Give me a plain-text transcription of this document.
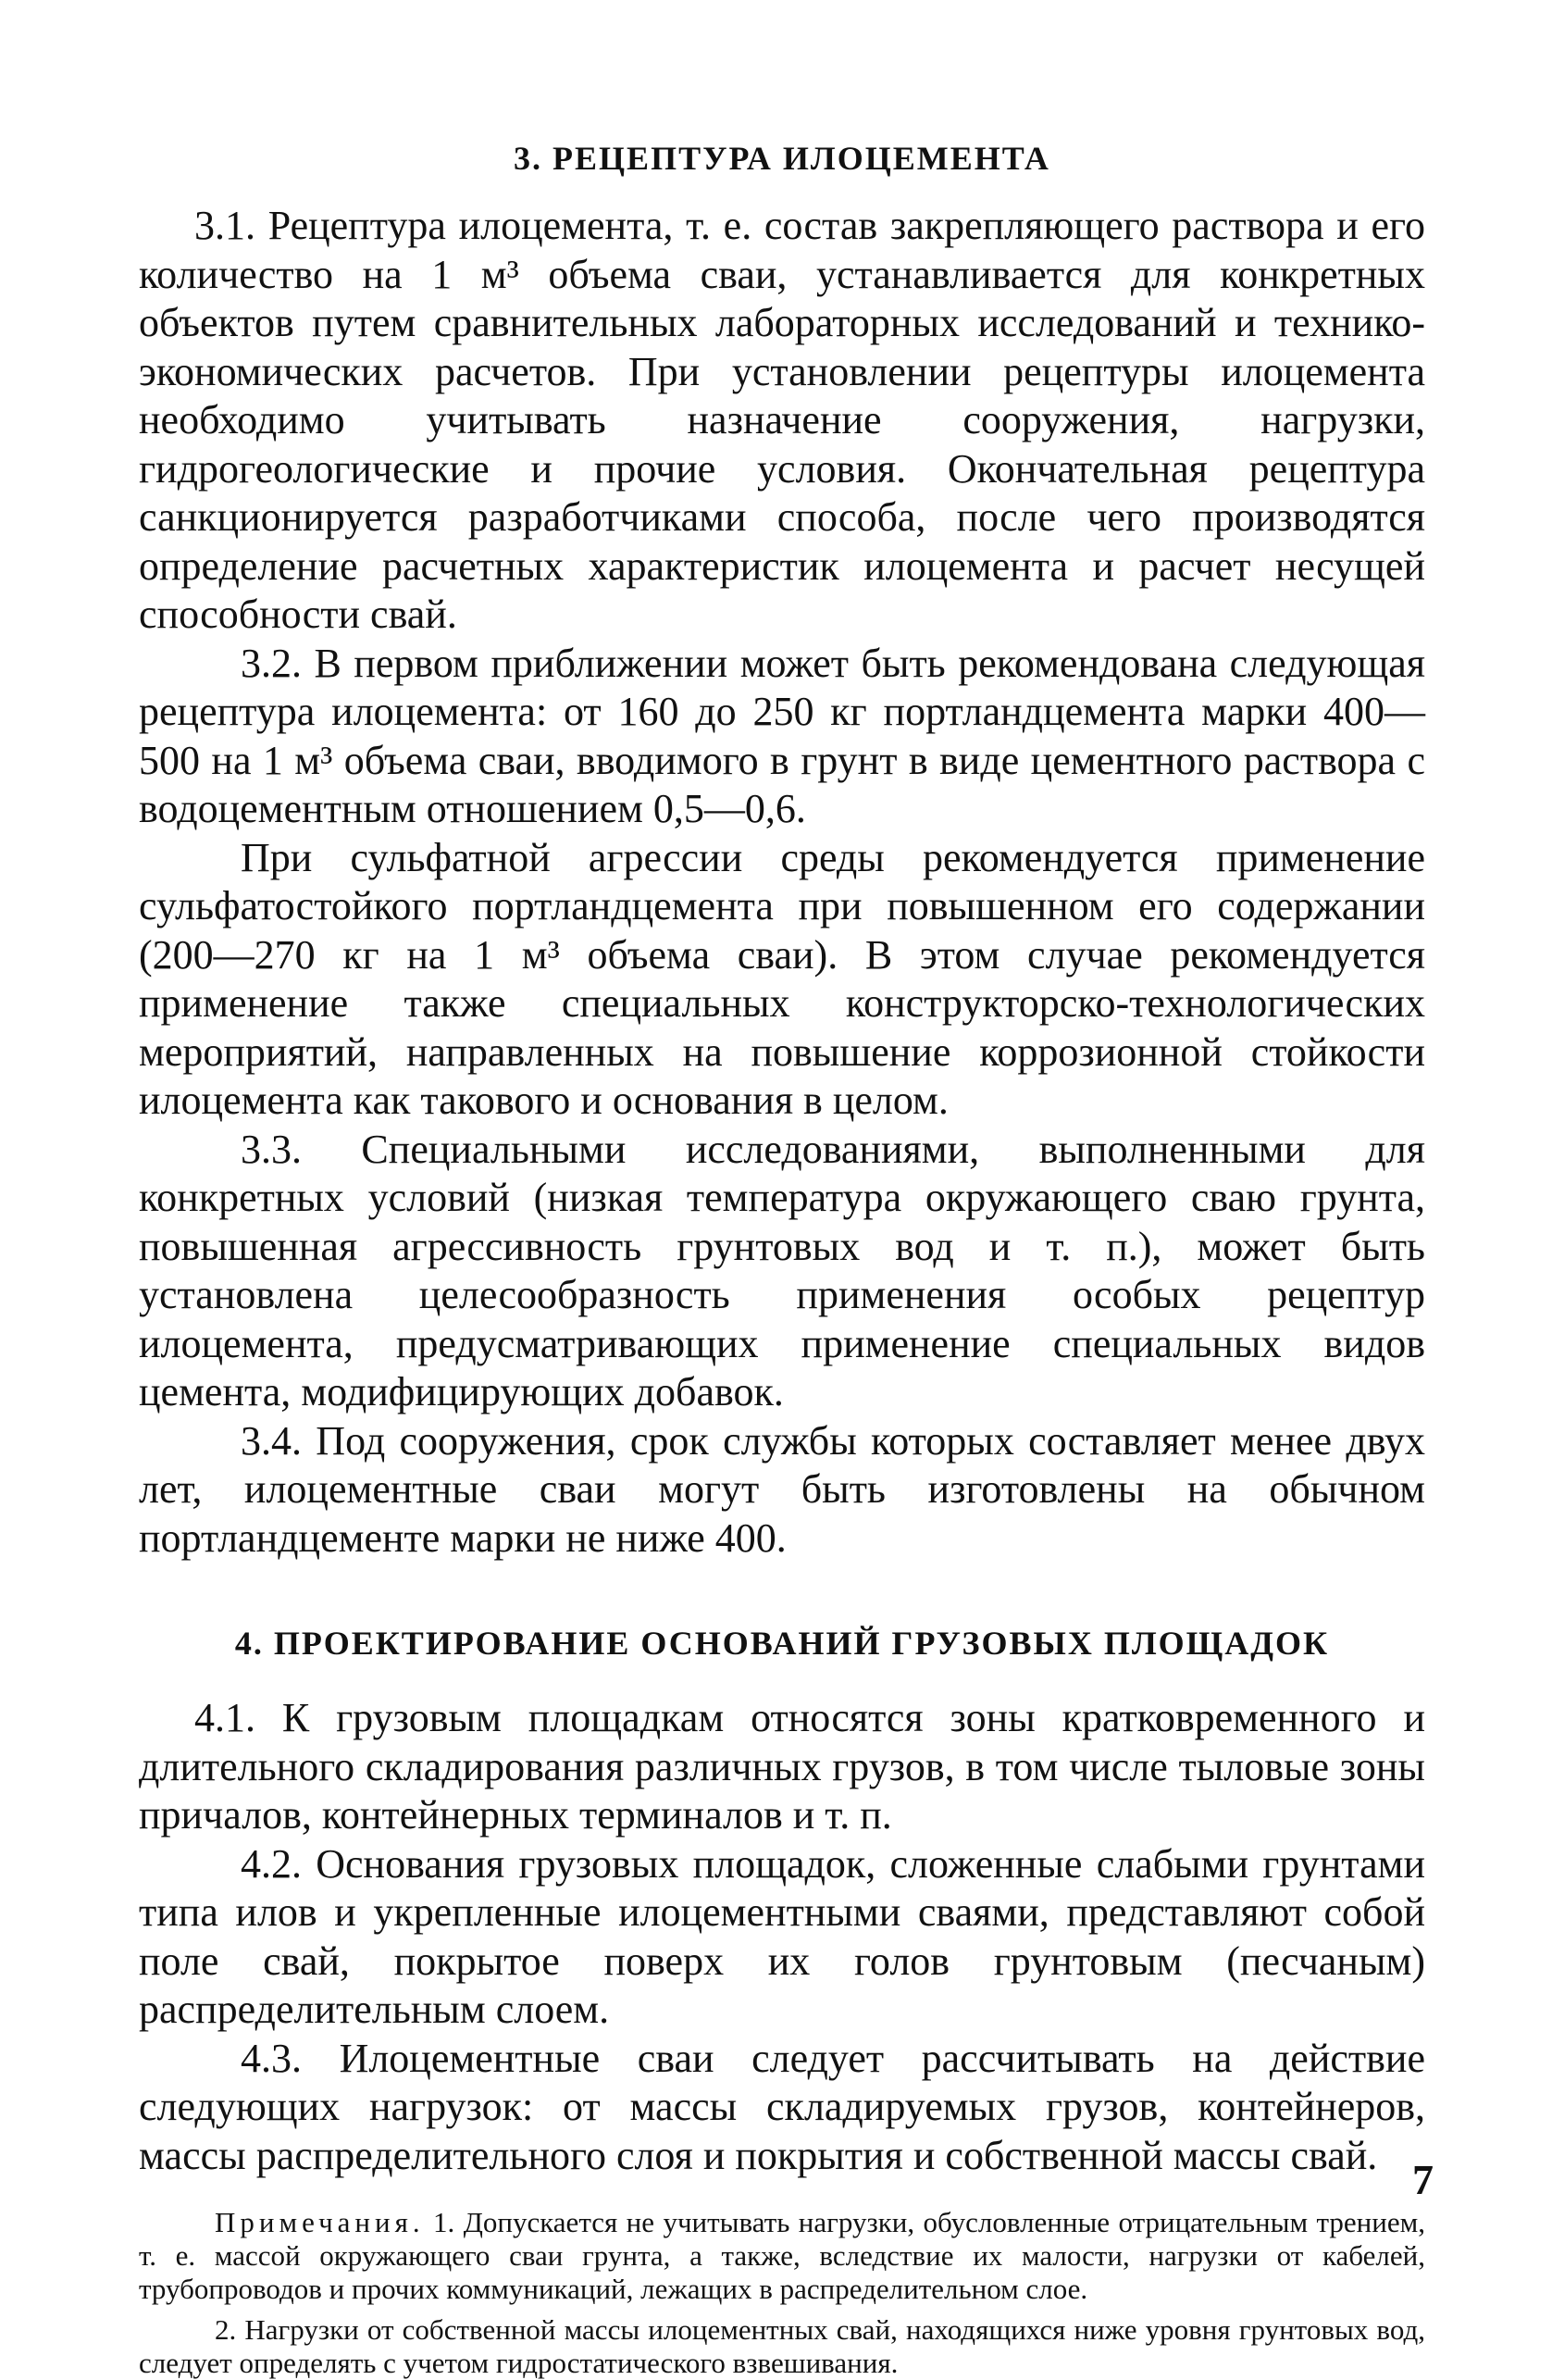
3. РЕЦЕПТУРА ИЛОЦЕМЕНТА

3.1. Рецептура илоцемента, т. е. состав закрепляющего раствора и его количество на 1 м³ объема сваи, устанавливается для конкретных объектов путем сравнительных лабораторных исследований и технико-экономических расчетов. При установлении рецептуры илоцемента необходимо учитывать назначение сооружения, нагрузки, гидрогеологические и прочие условия. Окончательная рецептура санкционируется разработчиками способа, после чего производятся определение расчетных характеристик илоцемента и расчет несущей способности свай.

3.2. В первом приближении может быть рекомендована следующая рецептура илоцемента: от 160 до 250 кг портландцемента марки 400—500 на 1 м³ объема сваи, вводимого в грунт в виде цементного раствора с водоцементным отношением 0,5—0,6.

При сульфатной агрессии среды рекомендуется применение сульфатостойкого портландцемента при повышенном его содержании (200—270 кг на 1 м³ объема сваи). В этом случае рекомендуется применение также специальных конструкторско-технологических мероприятий, направленных на повышение коррозионной стойкости илоцемента как такового и основания в целом.

3.3. Специальными исследованиями, выполненными для конкретных условий (низкая температура окружающего сваю грунта, повышенная агрессивность грунтовых вод и т. п.), может быть установлена целесообразность применения особых рецептур илоцемента, предусматривающих применение специальных видов цемента, модифицирующих добавок.

3.4. Под сооружения, срок службы которых составляет менее двух лет, илоцементные сваи могут быть изготовлены на обычном портландцементе марки не ниже 400.

4. ПРОЕКТИРОВАНИЕ ОСНОВАНИЙ ГРУЗОВЫХ ПЛОЩАДОК

4.1. К грузовым площадкам относятся зоны кратковременного и длительного складирования различных грузов, в том числе тыловые зоны причалов, контейнерных терминалов и т. п.

4.2. Основания грузовых площадок, сложенные слабыми грунтами типа илов и укрепленные илоцементными сваями, представляют собой поле свай, покрытое поверх их голов грунтовым (песчаным) распределительным слоем.

4.3. Илоцементные сваи следует рассчитывать на действие следующих нагрузок: от массы складируемых грузов, контейнеров, массы распределительного слоя и покрытия и собственной массы свай.

Примечания. 1. Допускается не учитывать нагрузки, обусловленные отрицательным трением, т. е. массой окружающего сваи грунта, а также, вследствие их малости, нагрузки от кабелей, трубопроводов и прочих коммуникаций, лежащих в распределительном слое.

2. Нагрузки от собственной массы илоцементных свай, находящихся ниже уровня грунтовых вод, следует определять с учетом гидростатического взвешивания.

7
